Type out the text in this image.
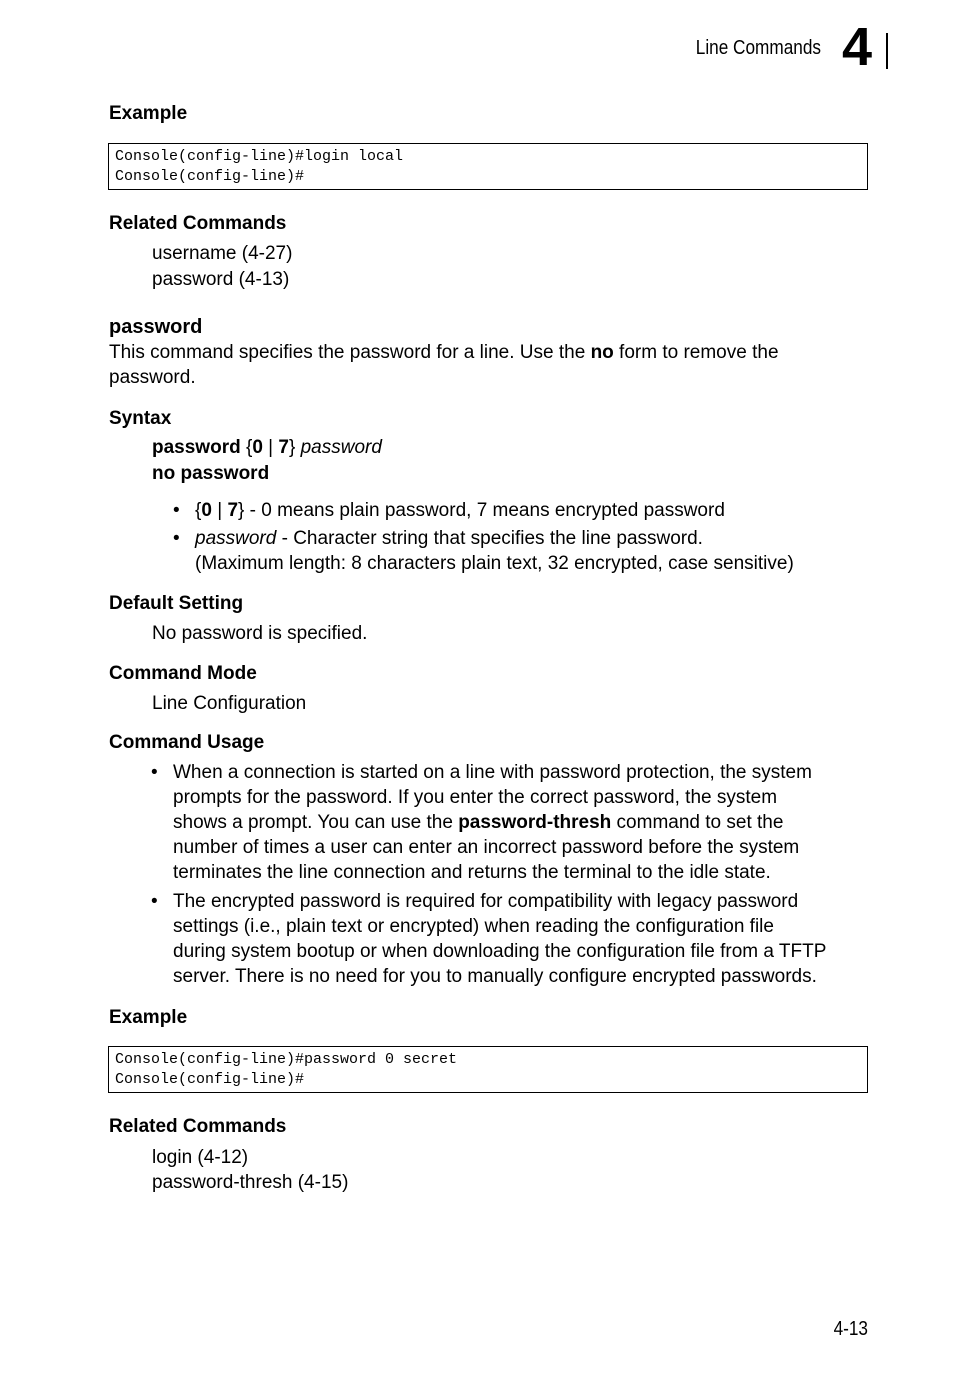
Line Commands 4
Example
Console(config-line)#login local
Console(config-line)#
Related Commands
username (4-27)
password (4-13)
password
This command specifies the password for a line. Use the no form to remove the password.
Syntax
password {0 | 7} password
no password
• {0 | 7} - 0 means plain password, 7 means encrypted password
• password - Character string that specifies the line password.
(Maximum length: 8 characters plain text, 32 encrypted, case sensitive)
Default Setting
No password is specified.
Command Mode
Line Configuration
Command Usage
• When a connection is started on a line with password protection, the system
prompts for the password. If you enter the correct password, the system
shows a prompt. You can use the password-thresh command to set the
number of times a user can enter an incorrect password before the system
terminates the line connection and returns the terminal to the idle state.
• The encrypted password is required for compatibility with legacy password
settings (i.e., plain text or encrypted) when reading the configuration file
during system bootup or when downloading the configuration file from a TFTP
server. There is no need for you to manually configure encrypted passwords.
Example
Console(config-line)#password 0 secret
Console(config-line)#
Related Commands
login (4-12)
password-thresh (4-15)
4-13
